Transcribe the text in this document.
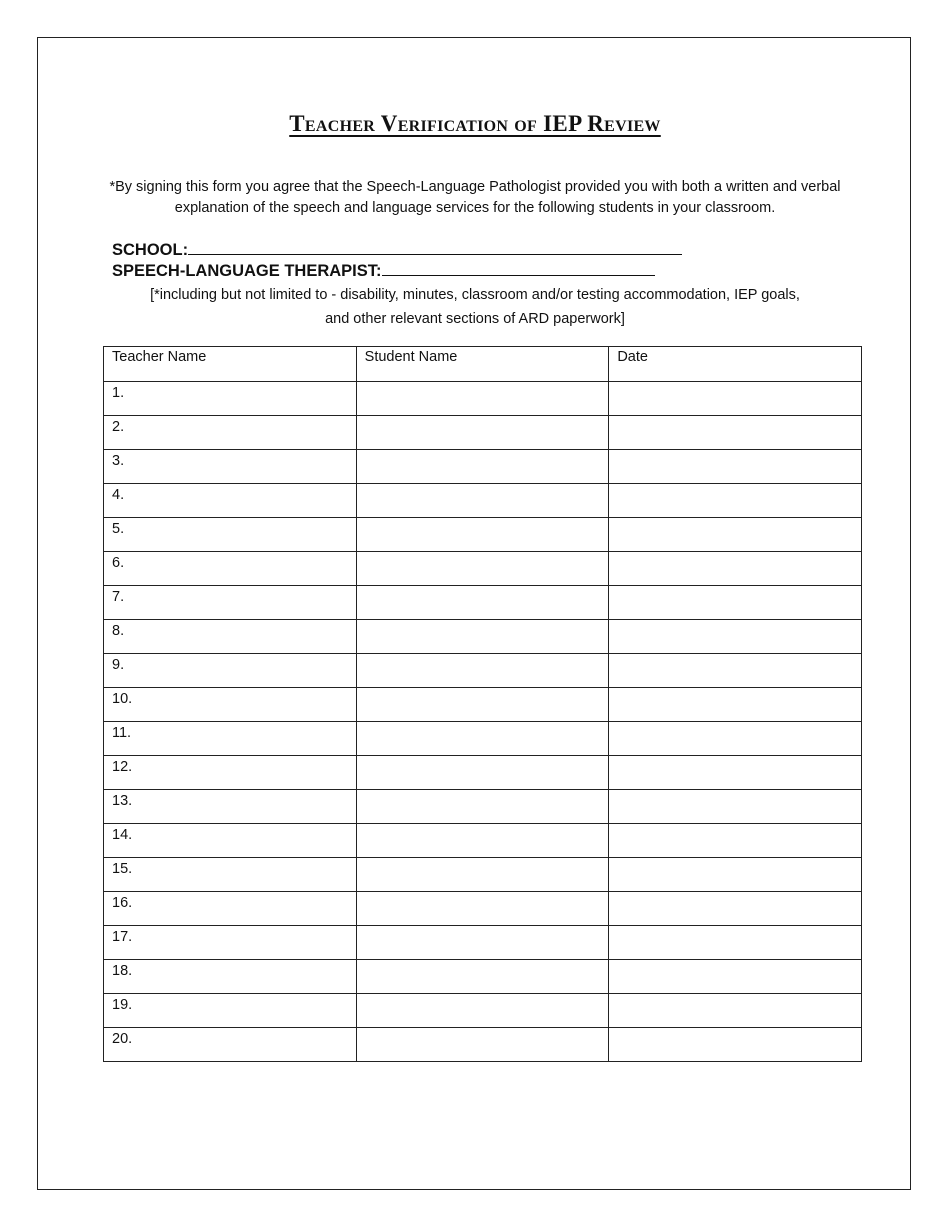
Teacher Verification of IEP Review
*By signing this form you agree that the Speech-Language Pathologist provided you with both a written and verbal explanation of the speech and language services for the following students in your classroom.
SCHOOL:
SPEECH-LANGUAGE THERAPIST:
[*including but not limited to - disability, minutes, classroom and/or testing accommodation, IEP goals,
and other relevant sections of ARD paperwork]
Teacher Name	Student Name	Date
1.		
2.		
3.		
4.		
5.		
6.		
7.		
8.		
9.		
10.		
11.		
12.		
13.		
14.		
15.		
16.		
17.		
18.		
19.		
20.		
